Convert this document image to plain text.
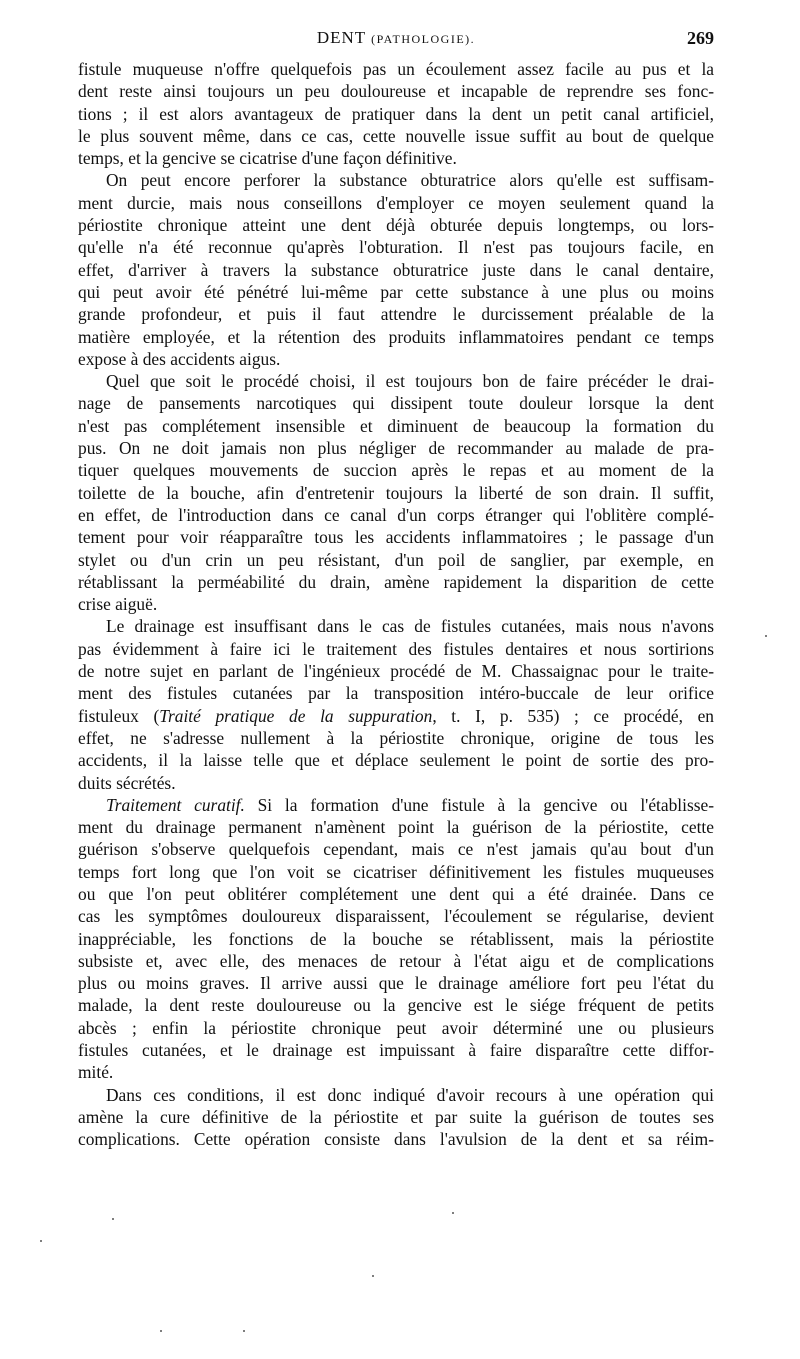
DENT (PATHOLOGIE).	269
fistule muqueuse n'offre quelquefois pas un écoulement assez facile au pus et la
dent reste ainsi toujours un peu douloureuse et incapable de reprendre ses fonc-
tions ; il est alors avantageux de pratiquer dans la dent un petit canal artificiel,
le plus souvent même, dans ce cas, cette nouvelle issue suffit au bout de quelque
temps, et la gencive se cicatrise d'une façon définitive.
On peut encore perforer la substance obturatrice alors qu'elle est suffisam-
ment durcie, mais nous conseillons d'employer ce moyen seulement quand la
périostite chronique atteint une dent déjà obturée depuis longtemps, ou lors-
qu'elle n'a été reconnue qu'après l'obturation. Il n'est pas toujours facile, en
effet, d'arriver à travers la substance obturatrice juste dans le canal dentaire,
qui peut avoir été pénétré lui-même par cette substance à une plus ou moins
grande profondeur, et puis il faut attendre le durcissement préalable de la
matière employée, et la rétention des produits inflammatoires pendant ce temps
expose à des accidents aigus.
Quel que soit le procédé choisi, il est toujours bon de faire précéder le drai-
nage de pansements narcotiques qui dissipent toute douleur lorsque la dent
n'est pas complétement insensible et diminuent de beaucoup la formation du
pus. On ne doit jamais non plus négliger de recommander au malade de pra-
tiquer quelques mouvements de succion après le repas et au moment de la
toilette de la bouche, afin d'entretenir toujours la liberté de son drain. Il suffit,
en effet, de l'introduction dans ce canal d'un corps étranger qui l'oblitère complé-
tement pour voir réapparaître tous les accidents inflammatoires ; le passage d'un
stylet ou d'un crin un peu résistant, d'un poil de sanglier, par exemple, en
rétablissant la perméabilité du drain, amène rapidement la disparition de cette
crise aiguë.
Le drainage est insuffisant dans le cas de fistules cutanées, mais nous n'avons
pas évidemment à faire ici le traitement des fistules dentaires et nous sortirions
de notre sujet en parlant de l'ingénieux procédé de M. Chassaignac pour le traite-
ment des fistules cutanées par la transposition intéro-buccale de leur orifice
fistuleux (Traité pratique de la suppuration, t. I, p. 535) ; ce procédé, en
effet, ne s'adresse nullement à la périostite chronique, origine de tous les
accidents, il la laisse telle que et déplace seulement le point de sortie des pro-
duits sécrétés.
Traitement curatif. Si la formation d'une fistule à la gencive ou l'établisse-
ment du drainage permanent n'amènent point la guérison de la périostite, cette
guérison s'observe quelquefois cependant, mais ce n'est jamais qu'au bout d'un
temps fort long que l'on voit se cicatriser définitivement les fistules muqueuses
ou que l'on peut oblitérer complétement une dent qui a été drainée. Dans ce
cas les symptômes douloureux disparaissent, l'écoulement se régularise, devient
inappréciable, les fonctions de la bouche se rétablissent, mais la périostite
subsiste et, avec elle, des menaces de retour à l'état aigu et de complications
plus ou moins graves. Il arrive aussi que le drainage améliore fort peu l'état du
malade, la dent reste douloureuse ou la gencive est le siége fréquent de petits
abcès ; enfin la périostite chronique peut avoir déterminé une ou plusieurs
fistules cutanées, et le drainage est impuissant à faire disparaître cette diffor-
mité.
Dans ces conditions, il est donc indiqué d'avoir recours à une opération qui
amène la cure définitive de la périostite et par suite la guérison de toutes ses
complications. Cette opération consiste dans l'avulsion de la dent et sa réim-
